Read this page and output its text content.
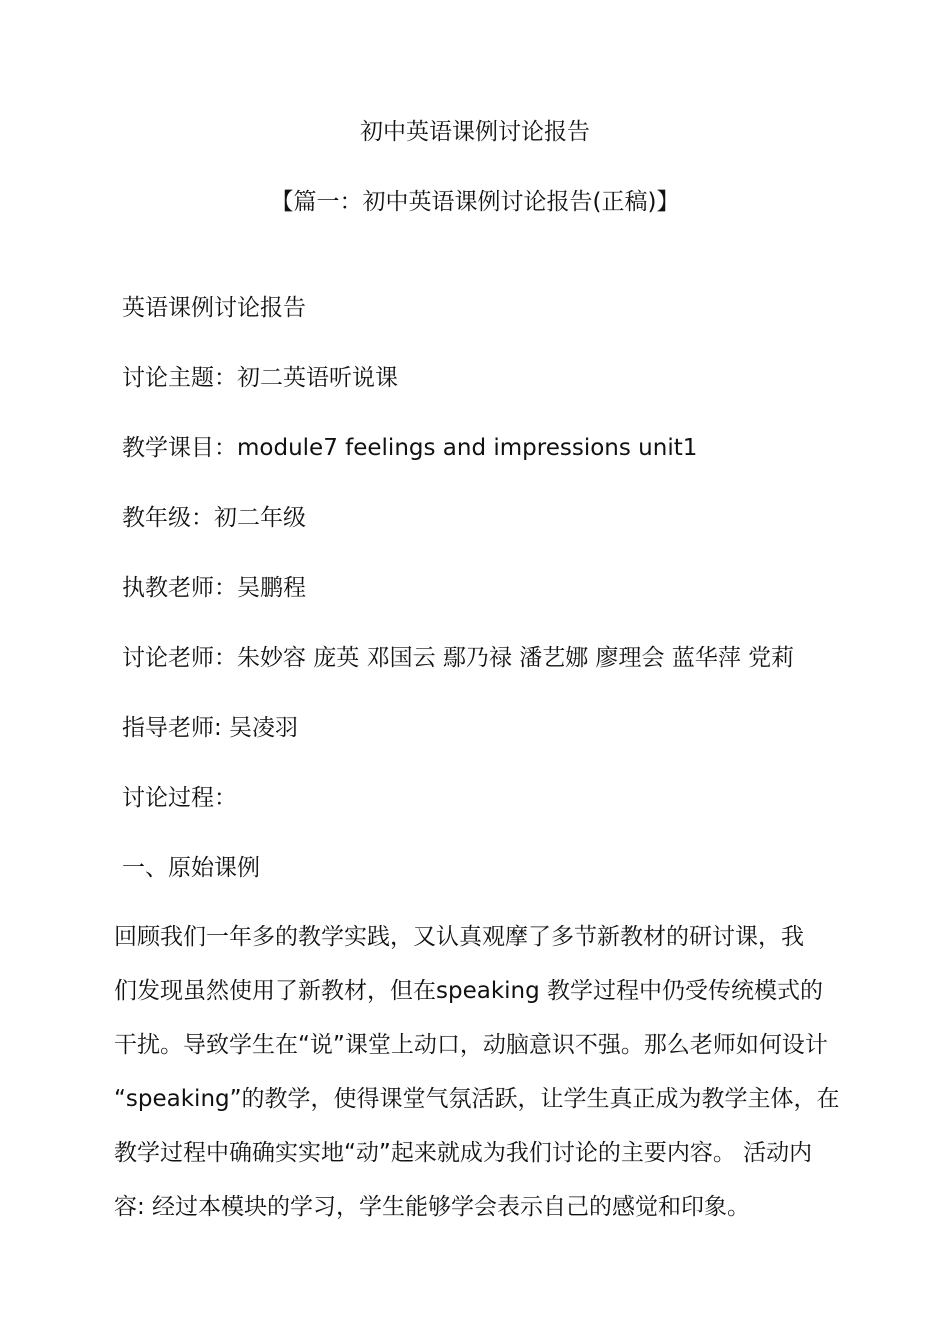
初中英语课例讨论报告
【篇一：初中英语课例讨论报告(正稿)】
英语课例讨论报告
讨论主题：初二英语听说课
教学课目：module7 feelings and impressions unit1
教年级：初二年级
执教老师：吴鹏程
讨论老师：朱妙容 庞英 邓国云 鄢乃禄 潘艺娜 廖理会 蓝华萍 党莉
指导老师: 吴凌羽
讨论过程：
一、原始课例
回顾我们一年多的教学实践，又认真观摩了多节新教材的研讨课，我
们发现虽然使用了新教材，但在speaking 教学过程中仍受传统模式的
干扰。导致学生在“说”课堂上动口，动脑意识不强。那么老师如何设计
“speaking”的教学，使得课堂气氛活跃，让学生真正成为教学主体，在
教学过程中确确实实地“动”起来就成为我们讨论的主要内容。 活动内
容: 经过本模块的学习，学生能够学会表示自己的感觉和印象。
